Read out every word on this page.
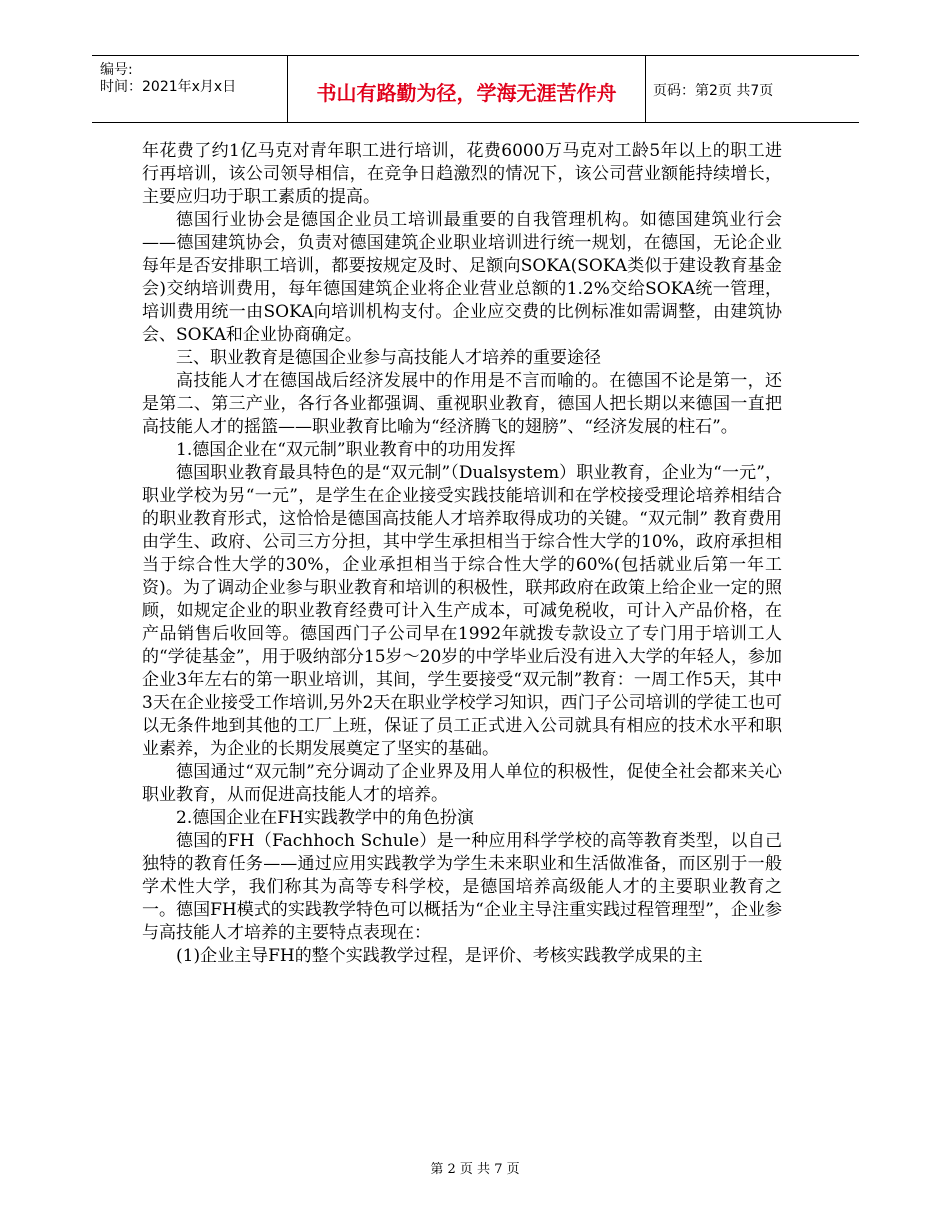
编号:
时间：2021年x月x日	书山有路勤为径，学海无涯苦作舟	页码：第2页 共7页

年花费了约1亿马克对青年职工进行培训，花费6000万马克对工龄5年以上的职工进行再培训，该公司领导相信，在竞争日趋激烈的情况下，该公司营业额能持续增长，主要应归功于职工素质的提高。

德国行业协会是德国企业员工培训最重要的自我管理机构。如德国建筑业行会——德国建筑协会，负责对德国建筑企业职业培训进行统一规划，在德国，无论企业每年是否安排职工培训，都要按规定及时、足额向SOKA(SOKA类似于建设教育基金会)交纳培训费用，每年德国建筑企业将企业营业总额的1.2%交给SOKA统一管理，培训费用统一由SOKA向培训机构支付。企业应交费的比例标准如需调整，由建筑协会、SOKA和企业协商确定。

三、职业教育是德国企业参与高技能人才培养的重要途径

高技能人才在德国战后经济发展中的作用是不言而喻的。在德国不论是第一，还是第二、第三产业，各行各业都强调、重视职业教育，德国人把长期以来德国一直把高技能人才的摇篮——职业教育比喻为“经济腾飞的翅膀”、“经济发展的柱石”。

1.德国企业在“双元制”职业教育中的功用发挥

德国职业教育最具特色的是“双元制”（Dualsystem）职业教育，企业为“一元”，职业学校为另“一元”，是学生在企业接受实践技能培训和在学校接受理论培养相结合的职业教育形式，这恰恰是德国高技能人才培养取得成功的关键。“双元制” 教育费用由学生、政府、公司三方分担，其中学生承担相当于综合性大学的10%，政府承担相当于综合性大学的30%，企业承担相当于综合性大学的60%(包括就业后第一年工资)。为了调动企业参与职业教育和培训的积极性，联邦政府在政策上给企业一定的照顾，如规定企业的职业教育经费可计入生产成本，可减免税收，可计入产品价格，在产品销售后收回等。德国西门子公司早在1992年就拨专款设立了专门用于培训工人的“学徒基金”，用于吸纳部分15岁～20岁的中学毕业后没有进入大学的年轻人，参加企业3年左右的第一职业培训，其间，学生要接受“双元制”教育：一周工作5天，其中3天在企业接受工作培训,另外2天在职业学校学习知识，西门子公司培训的学徒工也可以无条件地到其他的工厂上班，保证了员工正式进入公司就具有相应的技术水平和职业素养，为企业的长期发展奠定了坚实的基础。

德国通过“双元制”充分调动了企业界及用人单位的积极性，促使全社会都来关心职业教育，从而促进高技能人才的培养。

2.德国企业在FH实践教学中的角色扮演

德国的FH（Fachhoch Schule）是一种应用科学学校的高等教育类型，以自己独特的教育任务——通过应用实践教学为学生未来职业和生活做准备，而区别于一般学术性大学，我们称其为高等专科学校，是德国培养高级能人才的主要职业教育之一。德国FH模式的实践教学特色可以概括为“企业主导注重实践过程管理型”，企业参与高技能人才培养的主要特点表现在：

(1)企业主导FH的整个实践教学过程，是评价、考核实践教学成果的主

第 2 页 共 7 页
